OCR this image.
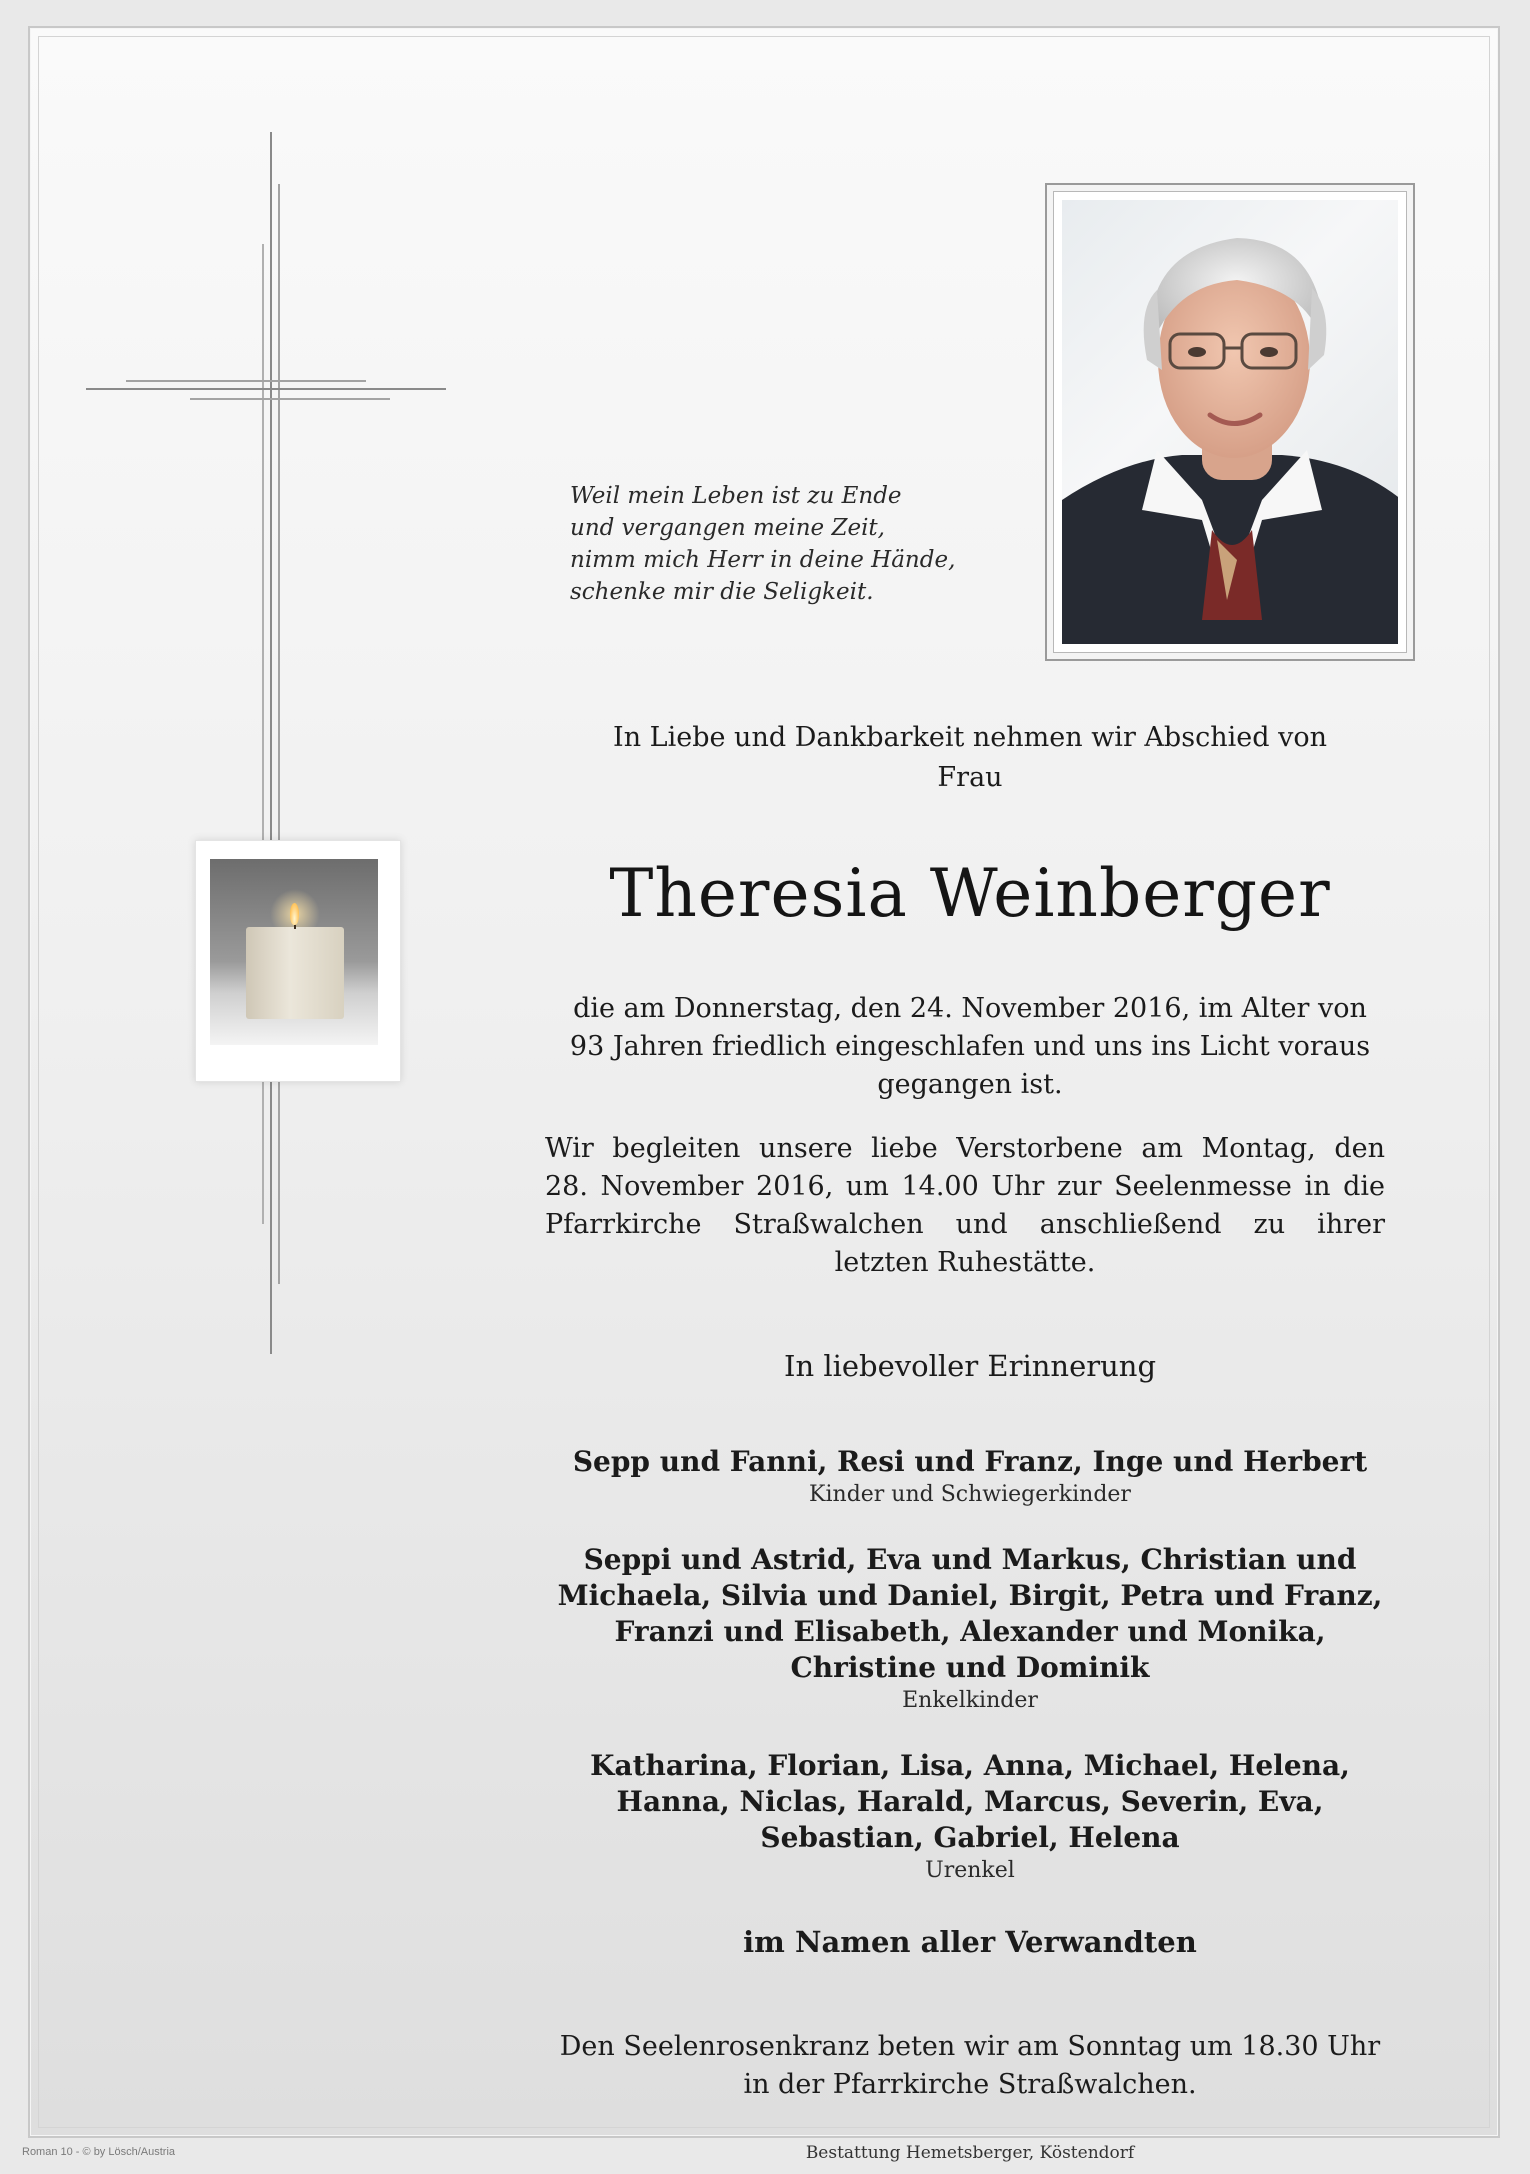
Weil mein Leben ist zu Ende
und vergangen meine Zeit,
nimm mich Herr in deine Hände,
schenke mir die Seligkeit.
In Liebe und Dankbarkeit nehmen wir Abschied von
Frau
Theresia Weinberger
die am Donnerstag, den 24. November 2016, im Alter von
93 Jahren friedlich eingeschlafen und uns ins Licht voraus
gegangen ist.
Wir begleiten unsere liebe Verstorbene am Montag, den
28. November 2016, um 14.00 Uhr zur Seelenmesse in die
Pfarrkirche Straßwalchen und anschließend zu ihrer
letzten Ruhestätte.
In liebevoller Erinnerung
Sepp und Fanni, Resi und Franz, Inge und Herbert
Kinder und Schwiegerkinder
Seppi und Astrid, Eva und Markus, Christian und
Michaela, Silvia und Daniel, Birgit, Petra und Franz,
Franzi und Elisabeth, Alexander und Monika,
Christine und Dominik
Enkelkinder
Katharina, Florian, Lisa, Anna, Michael, Helena,
Hanna, Niclas, Harald, Marcus, Severin, Eva,
Sebastian, Gabriel, Helena
Urenkel
im Namen aller Verwandten
Den Seelenrosenkranz beten wir am Sonntag um 18.30 Uhr
in der Pfarrkirche Straßwalchen.
Bestattung Hemetsberger, Köstendorf
Roman 10 - © by Lösch/Austria
